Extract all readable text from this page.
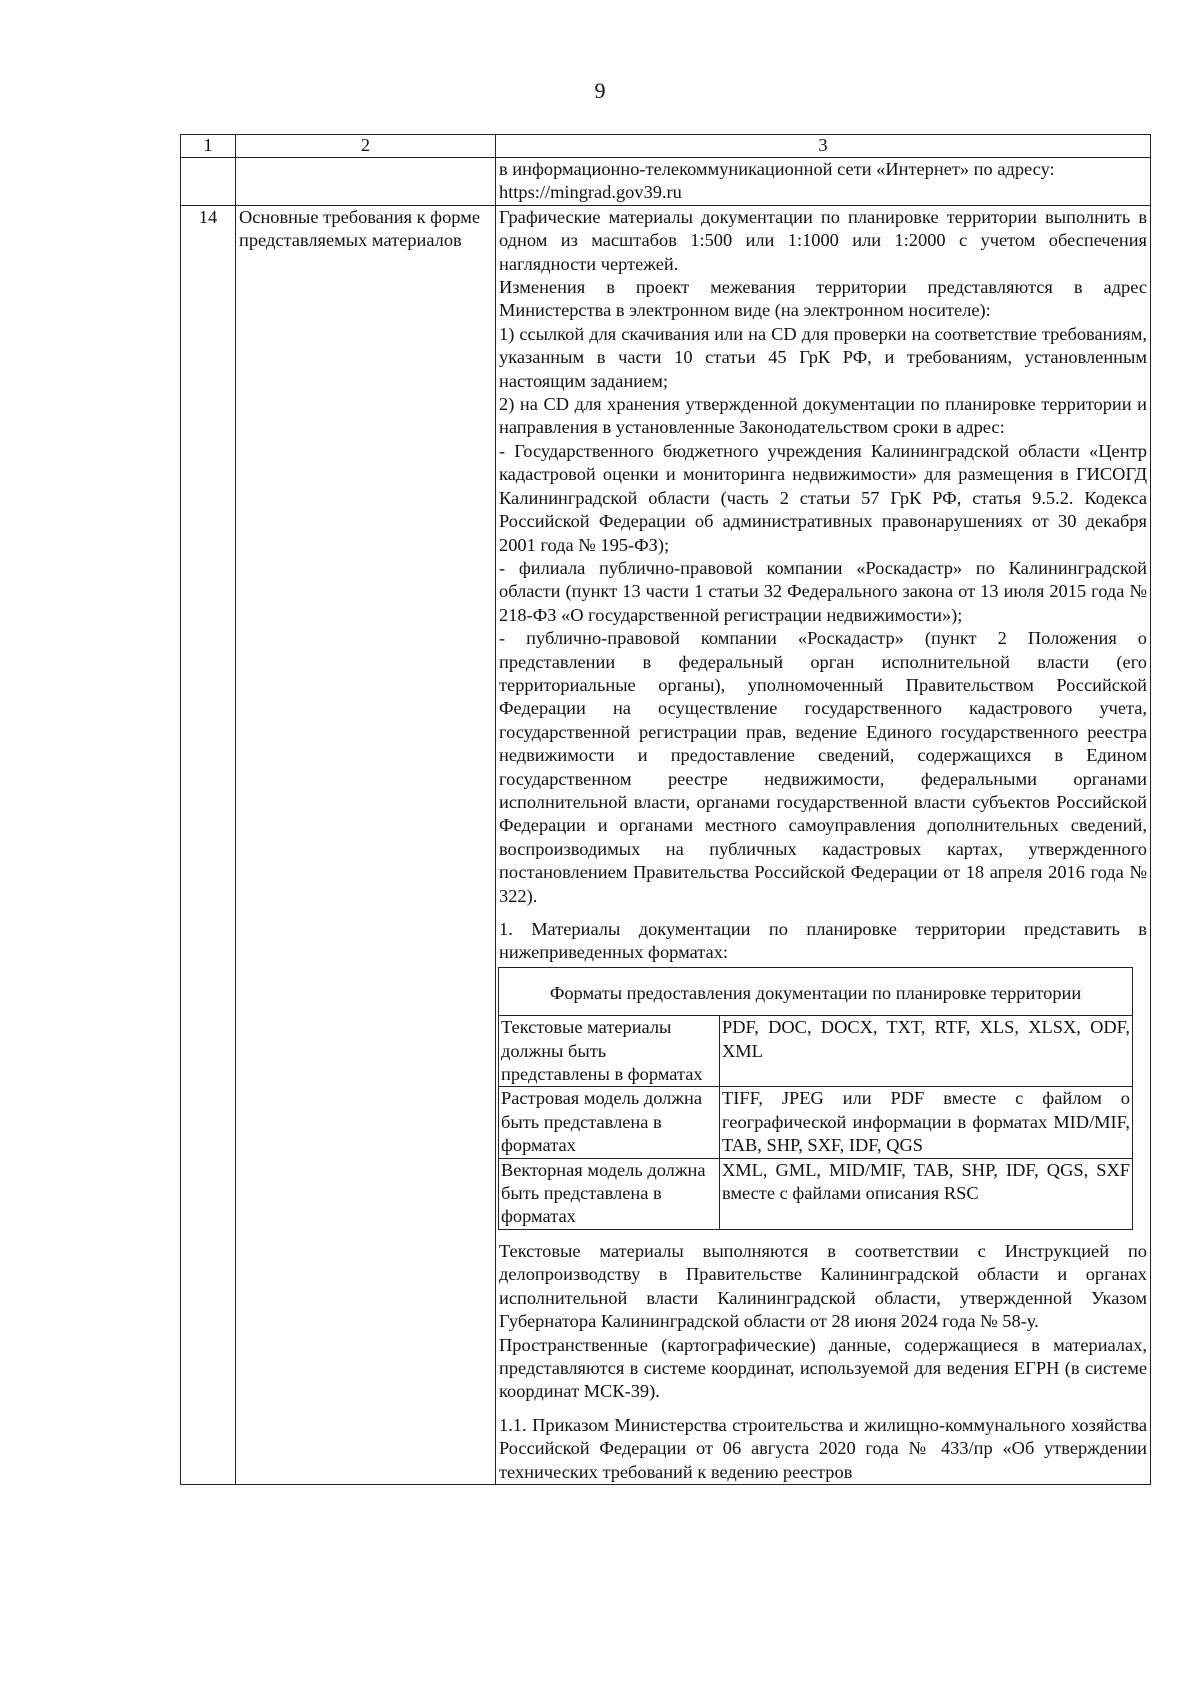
9
1	2	3

в информационно-телекоммуникационной сети «Интернет» по адресу: https://mingrad.gov39.ru

14	Основные требования к форме представляемых материалов	

Графические материалы документации по планировке территории выполнить в одном из масштабов 1:500 или 1:1000 или 1:2000 с учетом обеспечения наглядности чертежей.

Изменения в проект межевания территории представляются в адрес Министерства в электронном виде (на электронном носителе):

1) ссылкой для скачивания или на CD для проверки на соответствие требованиям, указанным в части 10 статьи 45 ГрК РФ, и требованиям, установленным настоящим заданием;

2) на CD для хранения утвержденной документации по планировке территории и направления в установленные Законодательством сроки в адрес:

- Государственного бюджетного учреждения Калининградской области «Центр кадастровой оценки и мониторинга недвижимости» для размещения в ГИСОГД Калининградской области (часть 2 статьи 57 ГрК РФ, статья 9.5.2. Кодекса Российской Федерации об административных правонарушениях от 30 декабря 2001 года № 195-ФЗ);

- филиала публично-правовой компании «Роскадастр» по Калининградской области (пункт 13 части 1 статьи 32 Федерального закона от 13 июля 2015 года № 218-ФЗ «О государственной регистрации недвижимости»);

- публично-правовой компании «Роскадастр» (пункт 2 Положения о представлении в федеральный орган исполнительной власти (его территориальные органы), уполномоченный Правительством Российской Федерации на осуществление государственного кадастрового учета, государственной регистрации прав, ведение Единого государственного реестра недвижимости и предоставление сведений, содержащихся в Едином государственном реестре недвижимости, федеральными органами исполнительной власти, органами государственной власти субъектов Российской Федерации и органами местного самоуправления дополнительных сведений, воспроизводимых на публичных кадастровых картах, утвержденного постановлением Правительства Российской Федерации от 18 апреля 2016 года № 322).

1. Материалы документации по планировке территории представить в нижеприведенных форматах:

Форматы предоставления документации по планировке территории
Текстовые материалы должны быть представлены в форматах	PDF, DOC, DOCX, TXT, RTF, XLS, XLSX, ODF, XML
Растровая модель должна быть представлена в форматах	TIFF, JPEG или PDF вместе с файлом о географической информации в форматах MID/MIF, TAB, SHP, SXF, IDF, QGS
Векторная модель должна быть представлена в форматах	XML, GML, MID/MIF, TAB, SHP, IDF, QGS, SXF вместе с файлами описания RSC

Текстовые материалы выполняются в соответствии с Инструкцией по делопроизводству в Правительстве Калининградской области и органах исполнительной власти Калининградской области, утвержденной Указом Губернатора Калининградской области от 28 июня 2024 года № 58-у.

Пространственные (картографические) данные, содержащиеся в материалах, представляются в системе координат, используемой для ведения ЕГРН (в системе координат МСК-39).

1.1. Приказом Министерства строительства и жилищно-коммунального хозяйства Российской Федерации от 06 августа 2020 года № 433/пр «Об утверждении технических требований к ведению реестров
